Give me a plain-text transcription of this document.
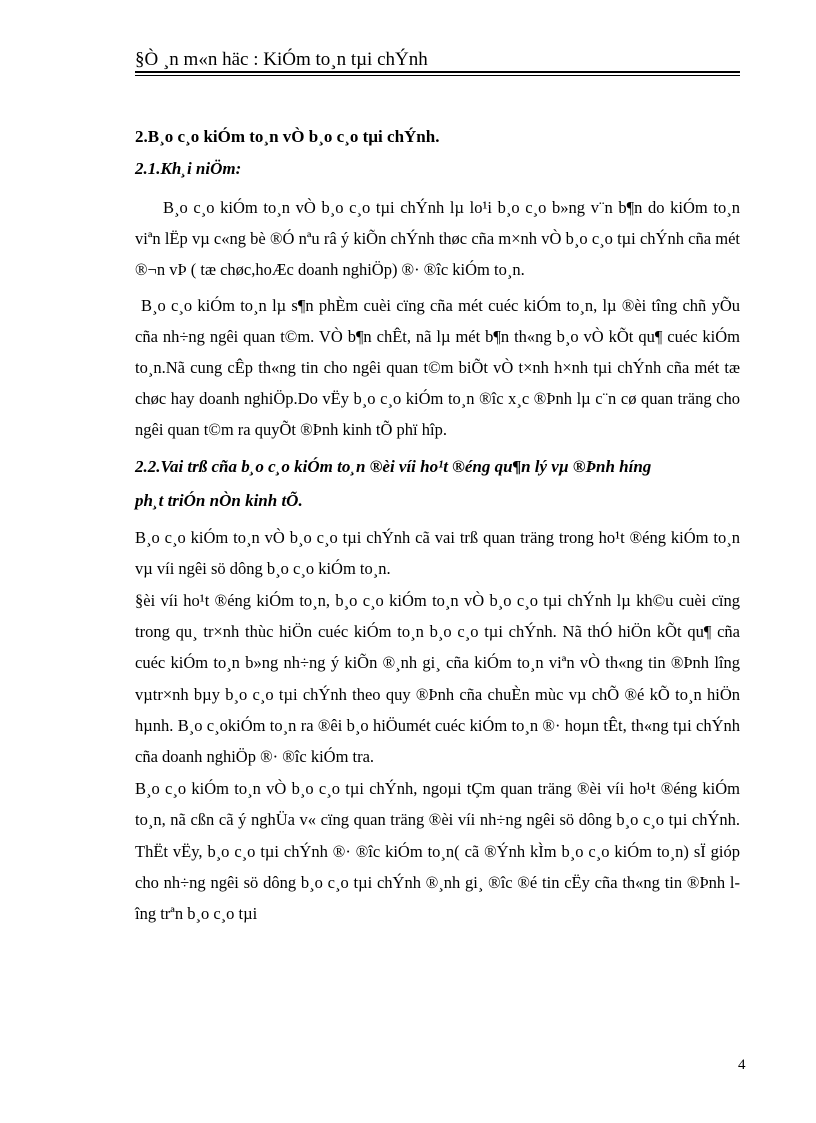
§Ò ¸n m«n häc : KiÓm to¸n tµi chÝnh

2.B¸o c¸o kiÓm to¸n vÒ b¸o c¸o tµi chÝnh.

2.1.Kh¸i niÖm:

B¸o c¸o kiÓm to¸n vÒ b¸o c¸o tµi chÝnh lµ lo¹i b¸o c¸o b»ng v¨n b¶n do kiÓm to¸n viªn lËp vµ c«ng bè ®Ó nªu râ ý kiÕn chÝnh thøc cña m×nh vÒ b¸o c¸o tµi chÝnh cña mét ®¬n vÞ ( tæ chøc,hoÆc doanh nghiÖp) ®· ®îc kiÓm to¸n.

B¸o c¸o kiÓm to¸n lµ s¶n phÈm cuèi cïng cña mét cuéc kiÓm to¸n, lµ ®èi tîng chñ yÕu cña nh÷ng ngêi quan t©m. VÒ b¶n chÊt, nã lµ mét b¶n th«ng b¸o vÒ kÕt qu¶ cuéc kiÓm to¸n.Nã cung cÊp th«ng tin cho ngêi quan t©m biÕt vÒ t×nh h×nh tµi chÝnh cña mét tæ chøc hay doanh nghiÖp.Do vËy b¸o c¸o kiÓm to¸n ®îc x¸c ®Þnh lµ c¨n cø quan träng cho ngêi quan t©m ra quyÕt ®Þnh kinh tÕ phï hîp.

2.2.Vai trß cña b¸o c¸o kiÓm to¸n ®èi víi ho¹t ®éng qu¶n lý vµ ®Þnh híng

ph¸t triÓn nÒn kinh tÕ.

B¸o c¸o kiÓm to¸n vÒ b¸o c¸o tµi chÝnh cã vai trß quan träng trong ho¹t ®éng kiÓm to¸n vµ víi ngêi sö dông b¸o c¸o kiÓm to¸n.

§èi víi ho¹t ®éng kiÓm to¸n, b¸o c¸o kiÓm to¸n vÒ b¸o c¸o tµi chÝnh lµ kh©u cuèi cïng trong qu¸ tr×nh thùc hiÖn cuéc kiÓm to¸n b¸o c¸o tµi chÝnh. Nã thÓ hiÖn kÕt qu¶ cña cuéc kiÓm to¸n b»ng nh÷ng ý kiÕn ®¸nh gi¸ cña kiÓm to¸n viªn vÒ th«ng tin ®Þnh lîng vµtr×nh bµy b¸o c¸o tµi chÝnh theo quy ®Þnh cña chuÈn mùc vµ chÕ ®é kÕ to¸n hiÖn hµnh. B¸o c¸okiÓm to¸n ra ®êi b¸o hiÖumét cuéc kiÓm to¸n ®· hoµn tÊt, th«ng tµi chÝnh cña doanh nghiÖp ®· ®îc kiÓm tra.

B¸o c¸o kiÓm to¸n vÒ b¸o c¸o tµi chÝnh, ngoµi tÇm quan träng ®èi víi ho¹t ®éng kiÓm to¸n, nã cßn cã ý nghÜa v« cïng quan träng ®èi víi nh÷ng ngêi sö dông b¸o c¸o tµi chÝnh. ThËt vËy, b¸o c¸o tµi chÝnh ®· ®îc kiÓm to¸n( cã ®Ýnh kÌm b¸o c¸o kiÓm to¸n) sÏ gióp cho nh÷ng ngêi sö dông b¸o c¸o tµi chÝnh ®¸nh gi¸ ®îc ®é tin cËy cña th«ng tin ®Þnh lîng trªn b¸o c¸o tµi

4
